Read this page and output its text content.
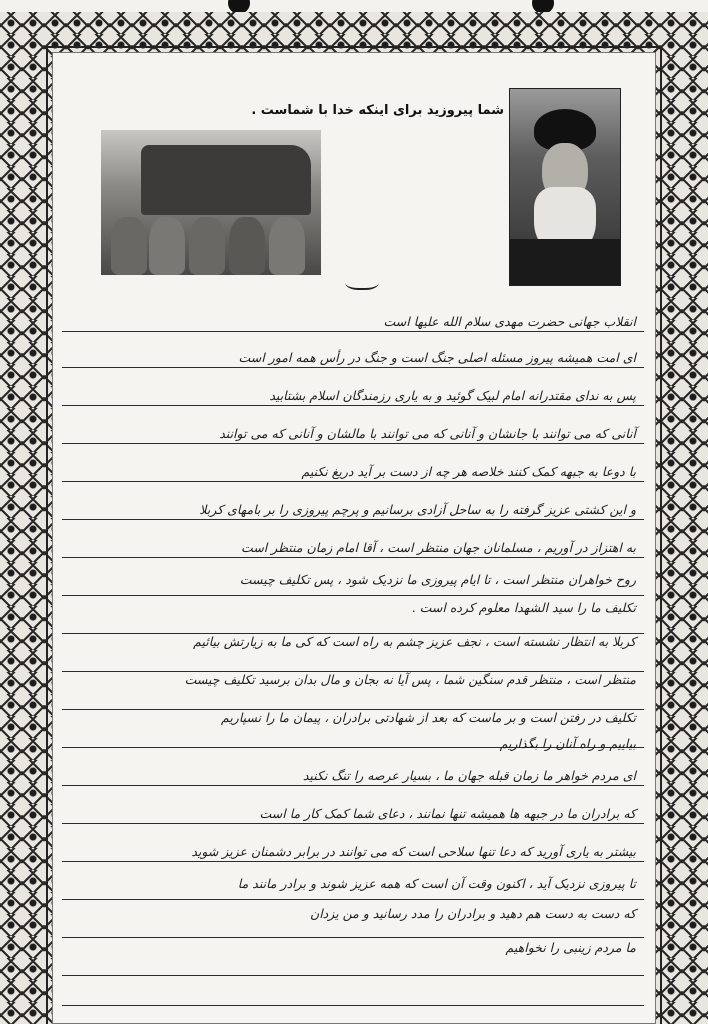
شما پیروزید برای اینکه خدا با شماست .
انقلاب جهانی حضرت مهدی سلام الله علیها است
ای امت همیشه پیروز مسئله اصلی جنگ است و جنگ در رأس همه امور است
پس به ندای مقتدرانه امام لبیک گوئید و به یاری رزمندگان اسلام بشتابید
آنانی که می توانند با جانشان و آنانی که می توانند با مالشان و آنانی که می توانند
با دوعا به جبهه کمک کنند خلاصه هر چه از دست بر آید دریغ نکنیم
و این کشتی عزیز گرفته را به ساحل آزادی برسانیم و پرچم پیروزی را بر بامهای کربلا
به اهتزاز در آوریم ، مسلمانان جهان منتظر است ، آقا امام زمان منتظر است
روح خواهران منتظر است ، تا ایام پیروزی ما نزدیک شود ، پس تکلیف چیست
تکلیف ما را سید الشهدا معلوم کرده است .
کربلا به انتظار نشسته است ، نجف عزیز چشم به راه است که کی ما به زیارتش بیائیم
منتظر است ، منتظر قدم سنگین شما ، پس آیا نه بجان و مال بدان برسید تکلیف چیست
تکلیف در رفتن است و بر ماست که بعد از شهادتی برادران ، پیمان ما را نسپاریم
بیاییم و راه آنان را بگذاریم
ای مردم خواهر ما زمان قبله جهان ما ، بسیار عرصه را تنگ نکنید
که برادران ما در جبهه ها همیشه تنها نمانند ، دعای شما کمک کار ما است
بیشتر به یاری آورید که دعا تنها سلاحی است که می توانند در برابر دشمنان عزیز شوید
تا پیروزی نزدیک آید ، اکنون وقت آن است که همه عزیز شوند و برادر مانند ما
که دست به دست هم دهید و برادران را مدد رسانید و من یزدان
ما مردم زینبی را نخواهیم
